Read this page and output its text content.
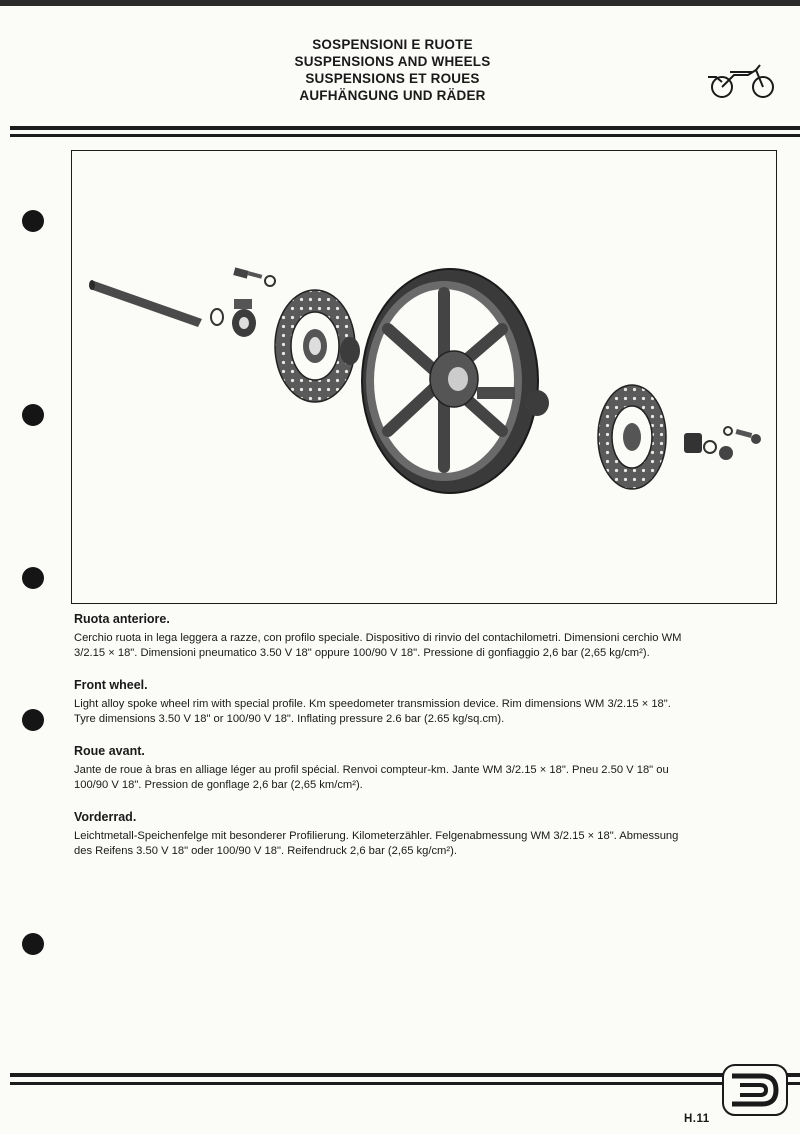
SOSPENSIONI E RUOTE
SUSPENSIONS AND WHEELS
SUSPENSIONS ET ROUES
AUFHÄNGUNG UND RÄDER
Ruota anteriore.

Cerchio ruota in lega leggera a razze, con profilo speciale. Dispositivo di rinvio del contachilometri. Dimensioni cerchio WM

3/2.15 × 18". Dimensioni pneumatico 3.50 V 18" oppure 100/90 V 18". Pressione di gonfiaggio 2,6 bar (2,65 kg/cm²).

Front wheel.

Light alloy spoke wheel rim with special profile. Km speedometer transmission device. Rim dimensions WM 3/2.15 × 18".

Tyre dimensions 3.50 V 18" or 100/90 V 18". Inflating pressure 2.6 bar (2.65 kg/sq.cm).

Roue avant.

Jante de roue à bras en alliage léger au profil spécial. Renvoi compteur-km. Jante WM 3/2.15 × 18". Pneu 2.50 V 18" ou

100/90 V 18". Pression de gonflage 2,6 bar (2,65 km/cm²).

Vorderrad.

Leichtmetall-Speichenfelge mit besonderer Profilierung. Kilometerzähler. Felgenabmessung WM 3/2.15 × 18". Abmessung

des Reifens 3.50 V 18" oder 100/90 V 18". Reifendruck 2,6 bar (2,65 kg/cm²).

H.11
